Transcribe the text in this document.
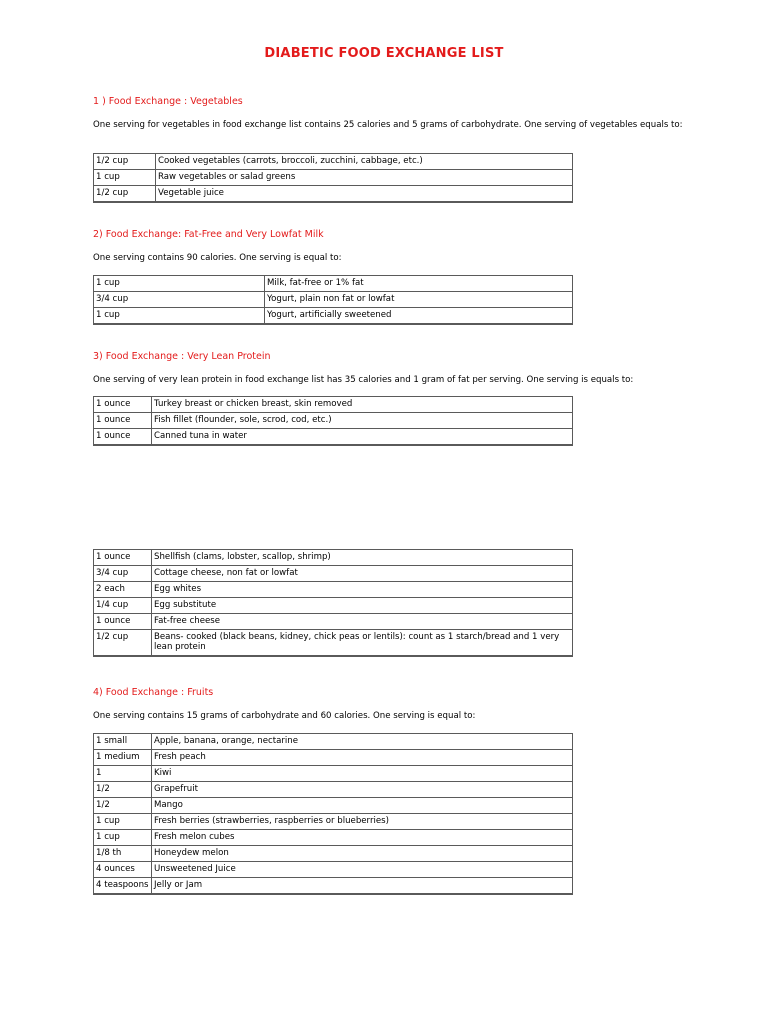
DIABETIC FOOD EXCHANGE LIST
1 ) Food Exchange : Vegetables
One serving for vegetables in food exchange list contains 25 calories and 5 grams of carbohydrate. One serving of vegetables equals to:
1/2 cup	Cooked vegetables (carrots, broccoli, zucchini, cabbage, etc.)
1 cup	Raw vegetables or salad greens
1/2 cup	Vegetable juice
2) Food Exchange: Fat-Free and Very Lowfat Milk
One serving contains 90 calories. One serving is equal to:
1 cup	Milk, fat-free or 1% fat
3/4 cup	Yogurt, plain non fat or lowfat
1 cup	Yogurt, artificially sweetened
3) Food Exchange : Very Lean Protein
One serving of very lean protein in food exchange list has 35 calories and 1 gram of fat per serving. One serving is equals to:
1 ounce	Turkey breast or chicken breast, skin removed
1 ounce	Fish fillet (flounder, sole, scrod, cod, etc.)
1 ounce	Canned tuna in water
1 ounce	Shellfish (clams, lobster, scallop, shrimp)
3/4 cup	Cottage cheese, non fat or lowfat
2 each	Egg whites
1/4 cup	Egg substitute
1 ounce	Fat-free cheese
1/2 cup	Beans- cooked (black beans, kidney, chick peas or lentils): count as 1 starch/bread and 1 very lean protein
4) Food Exchange : Fruits
One serving contains 15 grams of carbohydrate and 60 calories. One serving is equal to:
1 small	Apple, banana, orange, nectarine
1 medium	Fresh peach
1	Kiwi
1/2	Grapefruit
1/2	Mango
1 cup	Fresh berries (strawberries, raspberries or blueberries)
1 cup	Fresh melon cubes
1/8 th	Honeydew melon
4 ounces	Unsweetened Juice
4 teaspoons	Jelly or Jam
